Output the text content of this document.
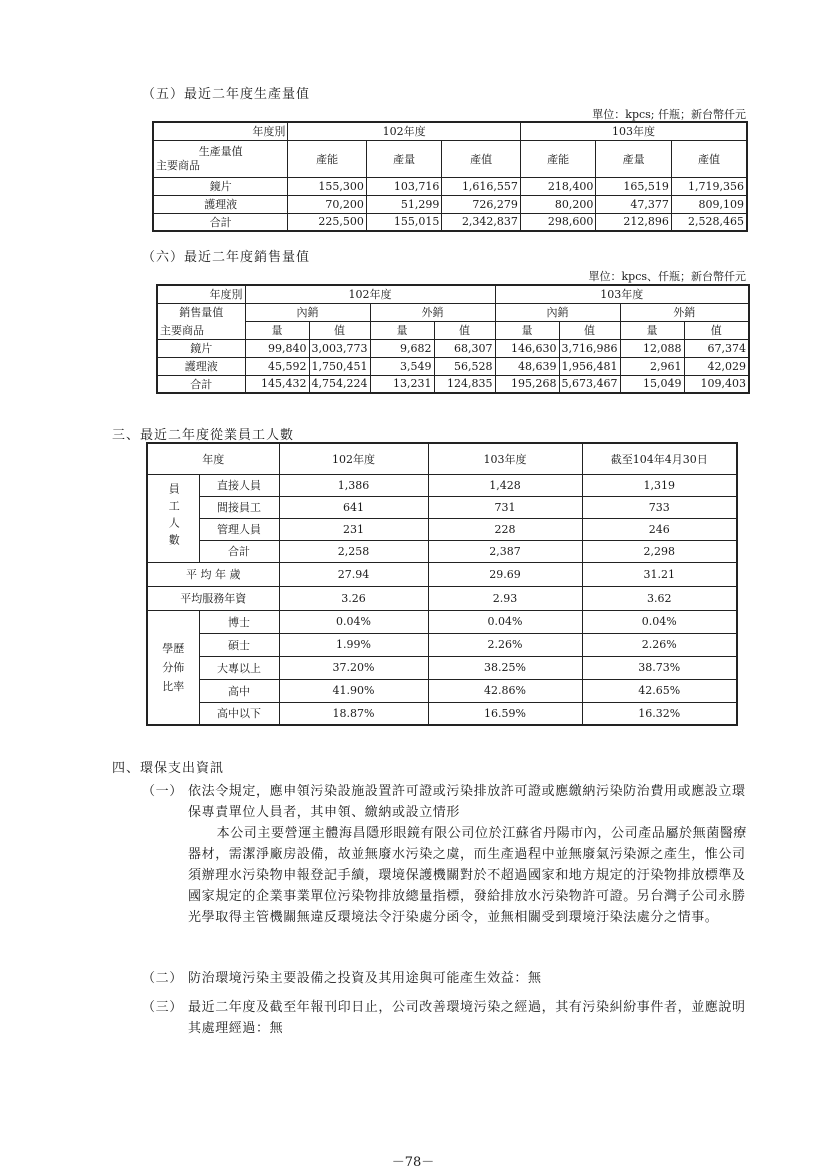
（五）最近二年度生產量值
單位：kpcs; 仟瓶；新台幣仟元
年度別	102年度			103年度		

生產量值
主要商品	產能	產量	產值	產能	產量	產值
鏡片	155,300	103,716	1,616,557	218,400	165,519	1,719,356
護理液	70,200	51,299	726,279	80,200	47,377	809,109
合計	225,500	155,015	2,342,837	298,600	212,896	2,528,465
（六）最近二年度銷售量值
單位：kpcs、仟瓶；新台幣仟元
年度別	102年度				103年度			
銷售量值	內銷		外銷		內銷		外銷	
主要商品	量	值	量	值	量	值	量	值
鏡片	99,840	3,003,773	9,682	68,307	146,630	3,716,986	12,088	67,374
護理液	45,592	1,750,451	3,549	56,528	48,639	1,956,481	2,961	42,029
合計	145,432	4,754,224	13,231	124,835	195,268	5,673,467	15,049	109,403
三、最近二年度從業員工人數
年度		102年度	103年度	截至104年4月30日
員工人數	直接人員	1,386	1,428	1,319
	間接員工	641	731	733
	管理人員	231	228	246
	合計	2,258	2,387	2,298
平 均 年 歲		27.94	29.69	31.21
平均服務年資		3.26	2.93	3.62

學歷
分佈
比率	博士	0.04%	0.04%	0.04%
	碩士	1.99%	2.26%	2.26%
	大專以上	37.20%	38.25%	38.73%
	高中	41.90%	42.86%	42.65%
	高中以下	18.87%	16.59%	16.32%
四、環保支出資訊

（一） 依法令規定，應申領污染設施設置許可證或污染排放許可證或應繳納污染防治費用或應設立環保專責單位人員者，其申領、繳納或設立情形

本公司主要營運主體海昌隱形眼鏡有限公司位於江蘇省丹陽市內，公司產品屬於無菌醫療器材，需潔淨廠房設備，故並無廢水污染之虞，而生產過程中並無廢氣污染源之產生，惟公司須辦理水污染物申報登記手續，環境保護機關對於不超過國家和地方規定的汙染物排放標準及國家規定的企業事業單位污染物排放總量指標，發給排放水污染物許可證。另台灣子公司永勝光學取得主管機關無違反環境法令汙染處分函令，並無相關受到環境汙染法處分之情事。

（二） 防治環境污染主要設備之投資及其用途與可能產生效益：無

（三） 最近二年度及截至年報刊印日止，公司改善環境污染之經過，其有污染糾紛事件者，並應說明其處理經過：無

－78－
